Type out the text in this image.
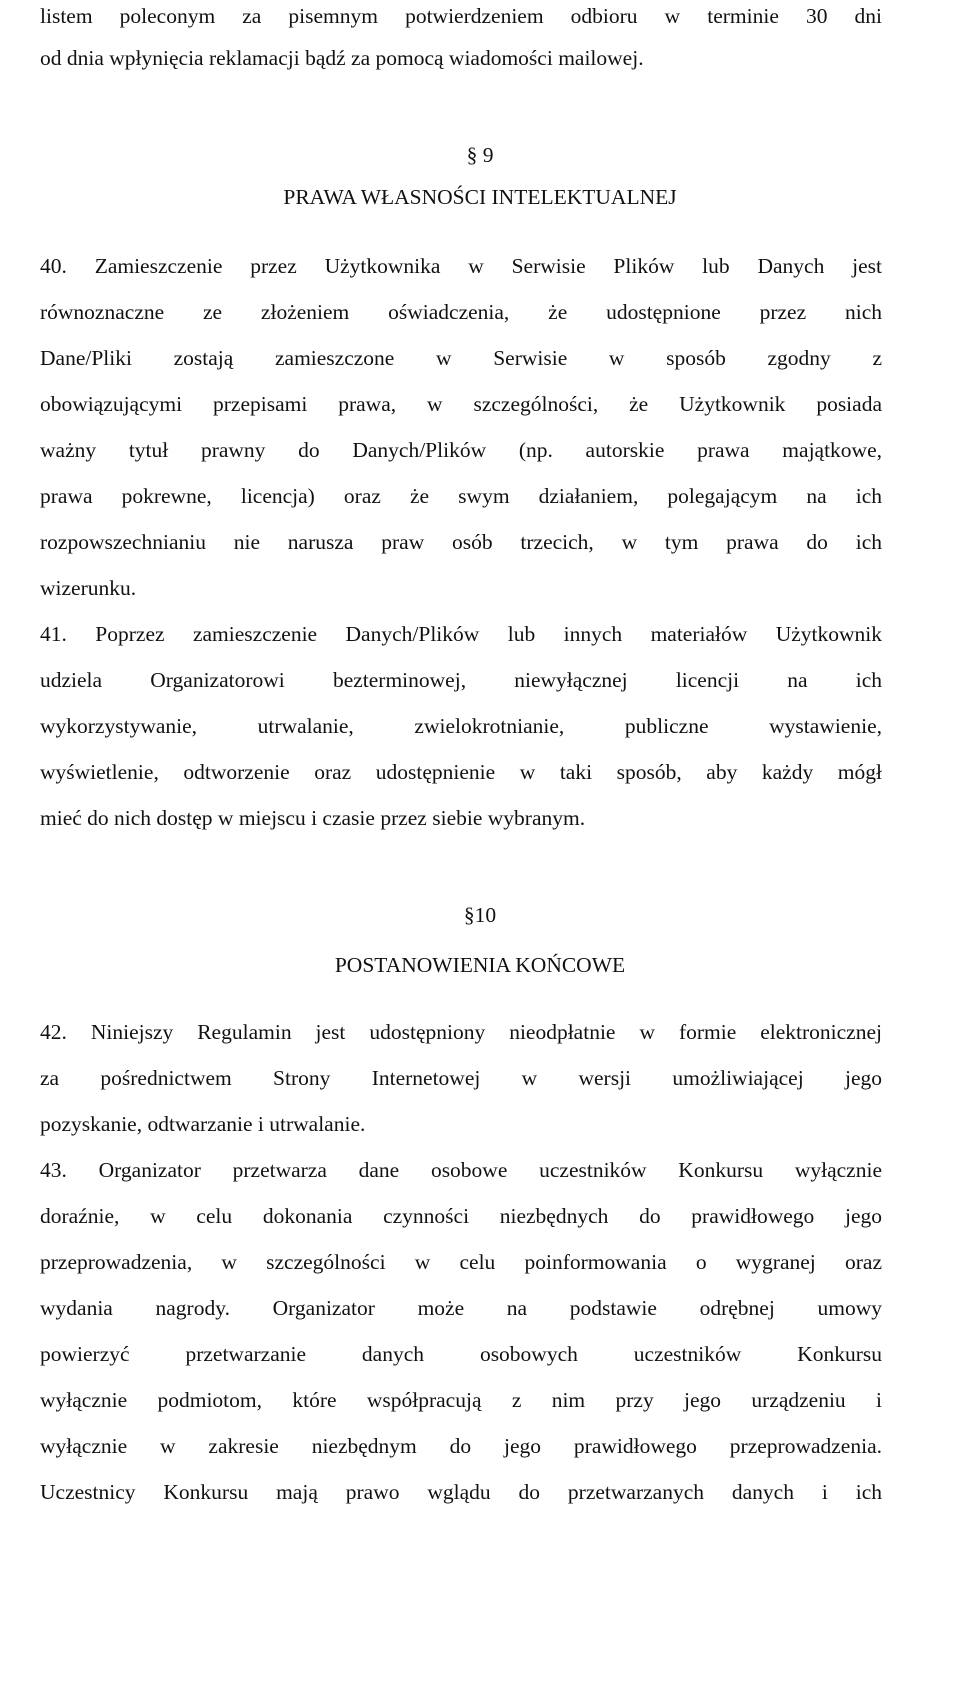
listem poleconym za pisemnym potwierdzeniem odbioru w terminie 30 dni
od dnia wpłynięcia reklamacji bądź za pomocą wiadomości mailowej.
§ 9
PRAWA WŁASNOŚCI INTELEKTUALNEJ
40. Zamieszczenie przez Użytkownika w Serwisie Plików lub Danych jest
równoznaczne ze złożeniem oświadczenia, że udostępnione przez nich
Dane/Pliki zostają zamieszczone w Serwisie w sposób zgodny z
obowiązującymi przepisami prawa, w szczególności, że Użytkownik posiada
ważny tytuł prawny do Danych/Plików (np. autorskie prawa majątkowe,
prawa pokrewne, licencja) oraz że swym działaniem, polegającym na ich
rozpowszechnianiu nie narusza praw osób trzecich, w tym prawa do ich
wizerunku.
41. Poprzez zamieszczenie Danych/Plików lub innych materiałów Użytkownik
udziela Organizatorowi bezterminowej, niewyłącznej licencji na ich
wykorzystywanie, utrwalanie, zwielokrotnianie, publiczne wystawienie,
wyświetlenie, odtworzenie oraz udostępnienie w taki sposób, aby każdy mógł
mieć do nich dostęp w miejscu i czasie przez siebie wybranym.
§10
POSTANOWIENIA KOŃCOWE
42. Niniejszy Regulamin jest udostępniony nieodpłatnie w formie elektronicznej
za pośrednictwem Strony Internetowej w wersji umożliwiającej jego
pozyskanie, odtwarzanie i utrwalanie.
43. Organizator przetwarza dane osobowe uczestników Konkursu wyłącznie
doraźnie, w celu dokonania czynności niezbędnych do prawidłowego jego
przeprowadzenia, w szczególności w celu poinformowania o wygranej oraz
wydania nagrody. Organizator może na podstawie odrębnej umowy
powierzyć przetwarzanie danych osobowych uczestników Konkursu
wyłącznie podmiotom, które współpracują z nim przy jego urządzeniu i
wyłącznie w zakresie niezbędnym do jego prawidłowego przeprowadzenia.
Uczestnicy Konkursu mają prawo wglądu do przetwarzanych danych i ich
